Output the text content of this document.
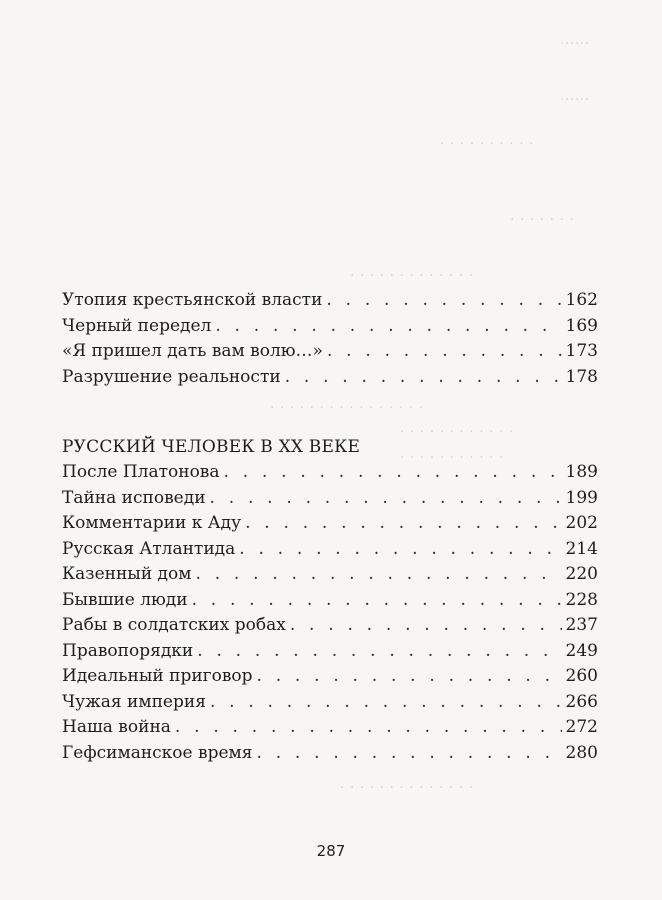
······
······
· · · · · · · · · ·
· · · · · · ·
· · · · · · · · · · · · ·
· · · · · · · · · · · · · · · ·
· · · · · · · · · · · ·
· · · · · · · · · · ·
· · · · · · · · · · · · · ·
Утопия крестьянской власти . . .	162
Черный передел . . .	169
«Я пришел дать вам волю…» . . .	173
Разрушение реальности . . .	178
РУССКИЙ ЧЕЛОВЕК В XX ВЕКЕ
После Платонова . . .	189
Тайна исповеди . . .	199
Комментарии к Аду . . .	202
Русская Атлантида . . .	214
Казенный дом . . .	220
Бывшие люди . . .	228
Рабы в солдатских робах . . .	237
Правопорядки . . .	249
Идеальный приговор . . .	260
Чужая империя . . .	266
Наша война . . .	272
Гефсиманское время . . .	280
287
